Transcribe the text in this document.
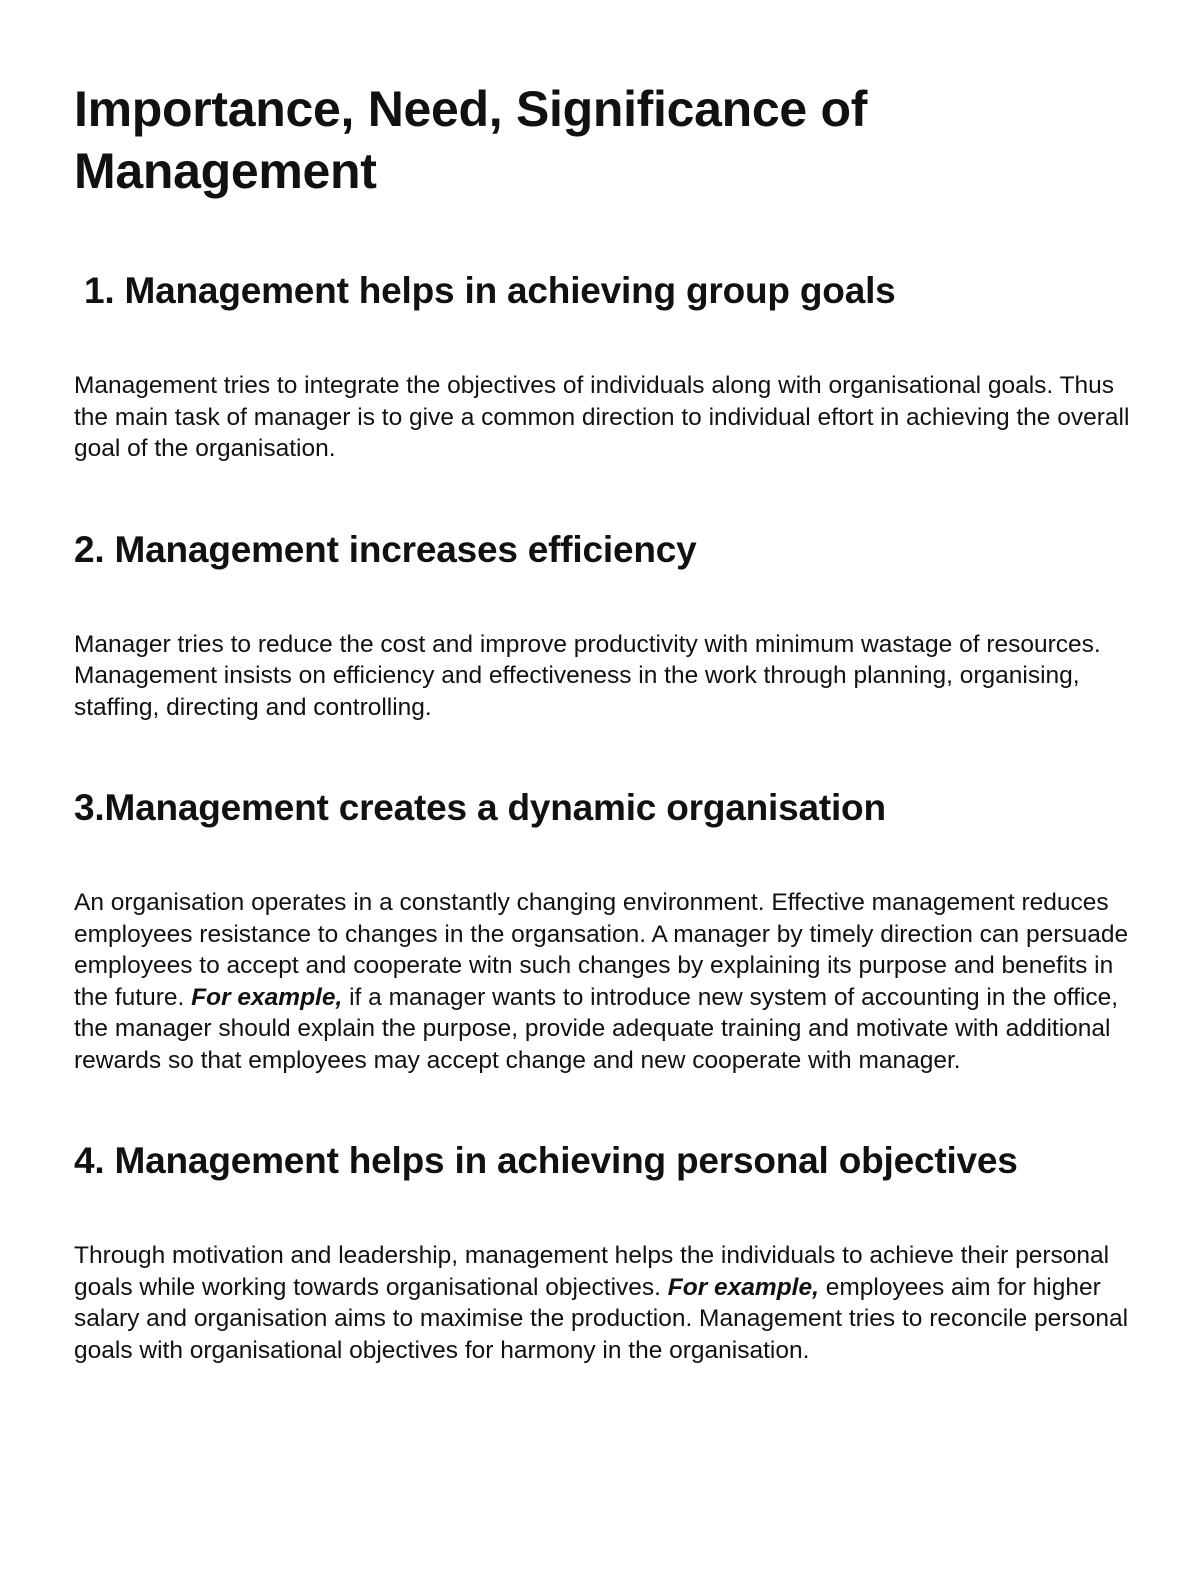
Importance, Need, Significance of Management
1. Management helps in achieving group goals

Management tries to integrate the objectives of individuals along with organisational goals. Thus the main task of manager is to give a common direction to individual eftort in achieving the overall goal of the organisation.

2. Management increases efficiency

Manager tries to reduce the cost and improve productivity with minimum wastage of resources. Management insists on efficiency and effectiveness in the work through planning, organising, staffing, directing and controlling.

3.Management creates a dynamic organisation

An organisation operates in a constantly changing environment. Effective management reduces employees resistance to changes in the organsation. A manager by timely direction can persuade employees to accept and cooperate witn such changes by explaining its purpose and benefits in the future. For example, if a manager wants to introduce new system of accounting in the office, the manager should explain the purpose, provide adequate training and motivate with additional rewards so that employees may accept change and new cooperate with manager.

4. Management helps in achieving personal objectives

Through motivation and leadership, management helps the individuals to achieve their personal goals while working towards organisational objectives. For example, employees aim for higher salary and organisation aims to maximise the production. Management tries to reconcile personal goals with organisational objectives for harmony in the organisation.
